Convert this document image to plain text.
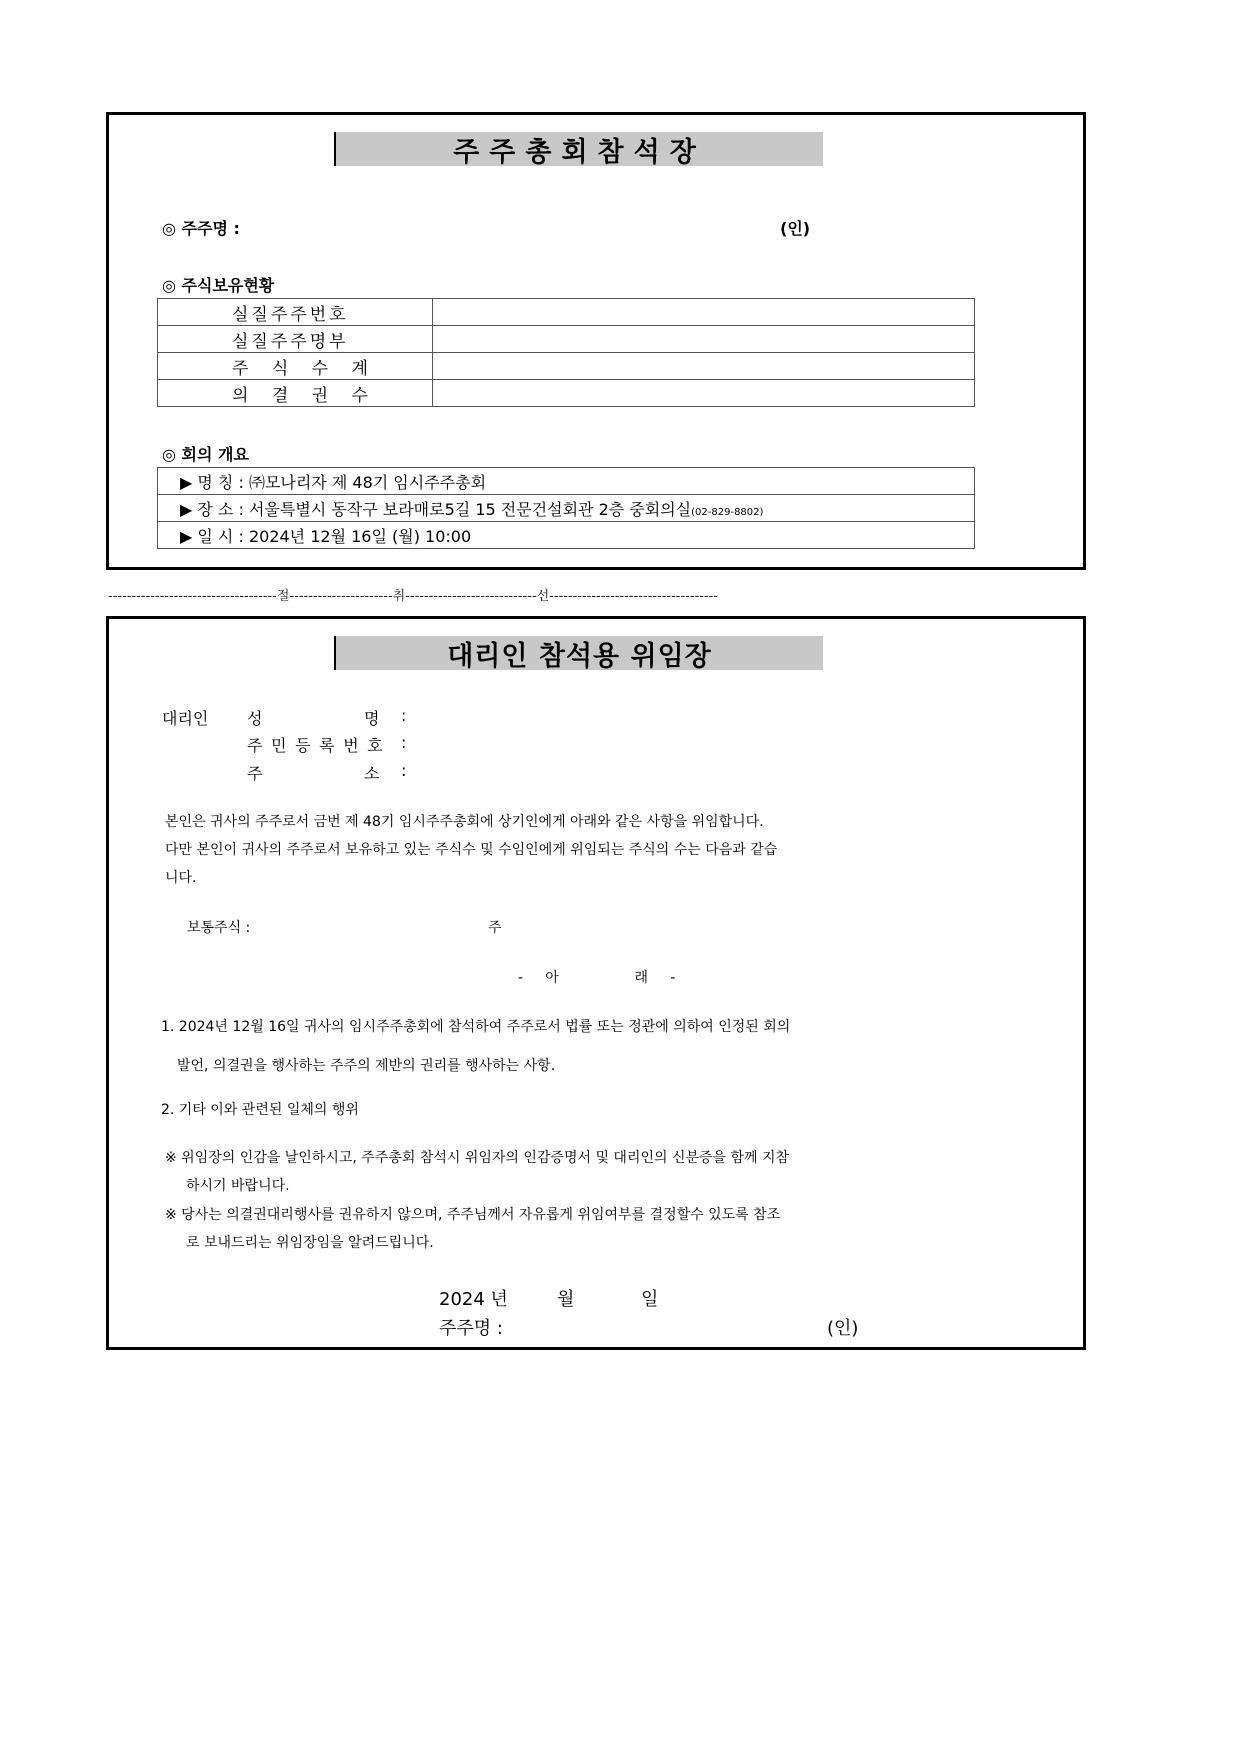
주주총회참석장
◎ 주주명 :	(인)
◎ 주식보유현황
실질주주번호	
실질주주명부	
주 식 수 계	
의 결 권 수	
◎ 회의 개요
▶ 명 칭 : ㈜모나리자 제 48기 임시주주총회
▶ 장 소 : 서울특별시 동작구 보라매로5길 15 전문건설회관 2층 중회의실(02-829-8802)
▶ 일 시 : 2024년 12월 16일 (월) 10:00
------------------------------------절----------------------취----------------------------선------------------------------------
대리인 참석용 위임장
대리인 성	명 :
주민등록번호 :
주	소 :
본인은 귀사의 주주로서 금번 제 48기 임시주주총회에 상기인에게 아래와 같은 사항을 위임합니다.
다만 본인이 귀사의 주주로서 보유하고 있는 주식수 및 수임인에게 위임되는 주식의 수는 다음과 같습
니다.
보통주식 :	주
-     아                 래     -
1. 2024년 12월 16일 귀사의 임시주주총회에 참석하여 주주로서 법률 또는 정관에 의하여 인정된 회의
발언, 의결권을 행사하는 주주의 제반의 권리를 행사하는 사항.
2. 기타 이와 관련된 일체의 행위
※ 위임장의 인감을 날인하시고, 주주총회 참석시 위임자의 인감증명서 및 대리인의 신분증을 함께 지참
하시기 바랍니다.
※ 당사는 의결권대리행사를 권유하지 않으며, 주주님께서 자유롭게 위임여부를 결정할수 있도록 참조
로 보내드리는 위임장임을 알려드립니다.
2024 년	월	일
주주명 :	(인)
